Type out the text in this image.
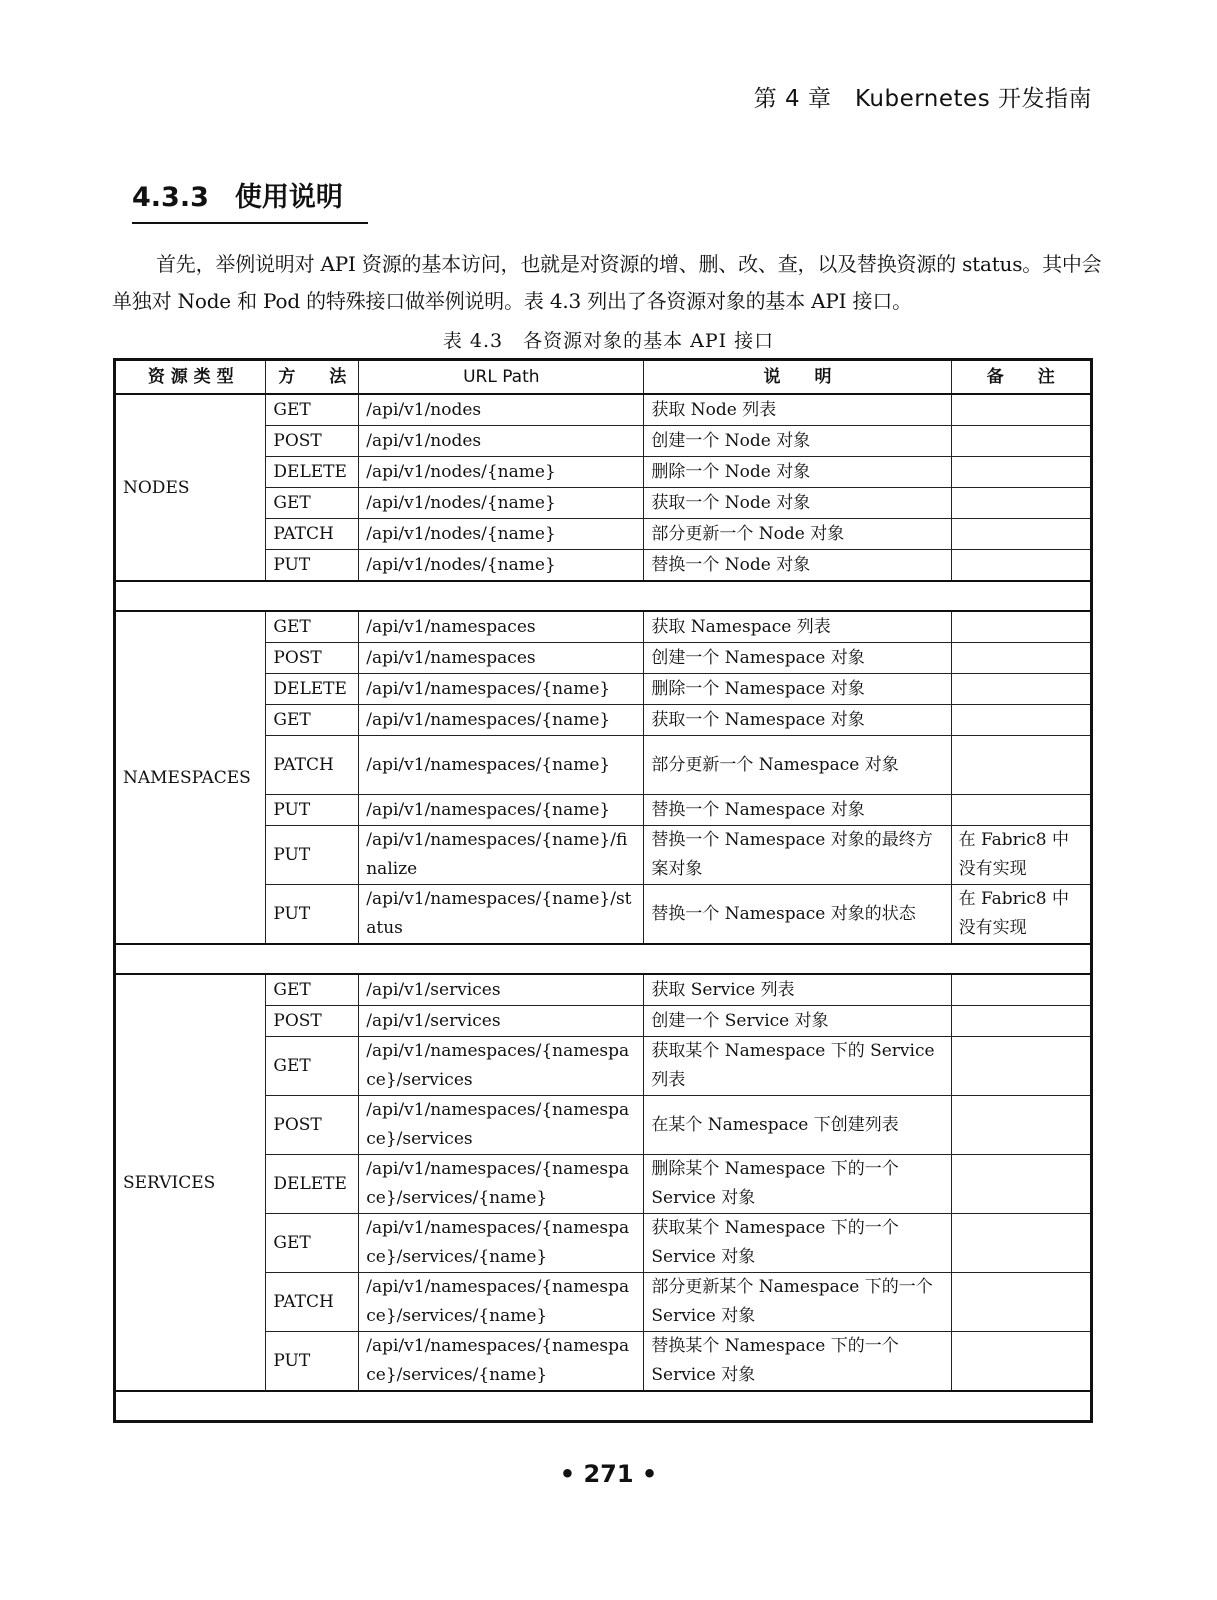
第 4 章　Kubernetes 开发指南
4.3.3 使用说明
首先，举例说明对 API 资源的基本访问，也就是对资源的增、删、改、查，以及替换资源的 status。其中会单独对 Node 和 Pod 的特殊接口做举例说明。表 4.3 列出了各资源对象的基本 API 接口。
表 4.3　各资源对象的基本 API 接口
资 源 类 型	方　　法	URL Path	说　　明	备　　注
NODES	GET	/api/v1/nodes	获取 Node 列表	
	POST	/api/v1/nodes	创建一个 Node 对象	
	DELETE	/api/v1/nodes/{name}	删除一个 Node 对象	
	GET	/api/v1/nodes/{name}	获取一个 Node 对象	
	PATCH	/api/v1/nodes/{name}	部分更新一个 Node 对象	
	PUT	/api/v1/nodes/{name}	替换一个 Node 对象	

NAMESPACES	GET	/api/v1/namespaces	获取 Namespace 列表	
	POST	/api/v1/namespaces	创建一个 Namespace 对象	
	DELETE	/api/v1/namespaces/{name}	删除一个 Namespace 对象	
	GET	/api/v1/namespaces/{name}	获取一个 Namespace 对象	
	PATCH	/api/v1/namespaces/{name}	部分更新一个 Namespace 对象	
	PUT	/api/v1/namespaces/{name}	替换一个 Namespace 对象	
	PUT	/api/v1/namespaces/{name}/finalize	替换一个 Namespace 对象的最终方案对象	在 Fabric8 中没有实现
	PUT	/api/v1/namespaces/{name}/status	替换一个 Namespace 对象的状态	在 Fabric8 中没有实现

SERVICES	GET	/api/v1/services	获取 Service 列表	
	POST	/api/v1/services	创建一个 Service 对象	
	GET	/api/v1/namespaces/{namespace}/services	获取某个 Namespace 下的 Service 列表	
	POST	/api/v1/namespaces/{namespace}/services	在某个 Namespace 下创建列表	
	DELETE	/api/v1/namespaces/{namespace}/services/{name}	删除某个 Namespace 下的一个 Service 对象	
	GET	/api/v1/namespaces/{namespace}/services/{name}	获取某个 Namespace 下的一个 Service 对象	
	PATCH	/api/v1/namespaces/{namespace}/services/{name}	部分更新某个 Namespace 下的一个 Service 对象	
	PUT	/api/v1/namespaces/{namespace}/services/{name}	替换某个 Namespace 下的一个 Service 对象	

• 271 •
